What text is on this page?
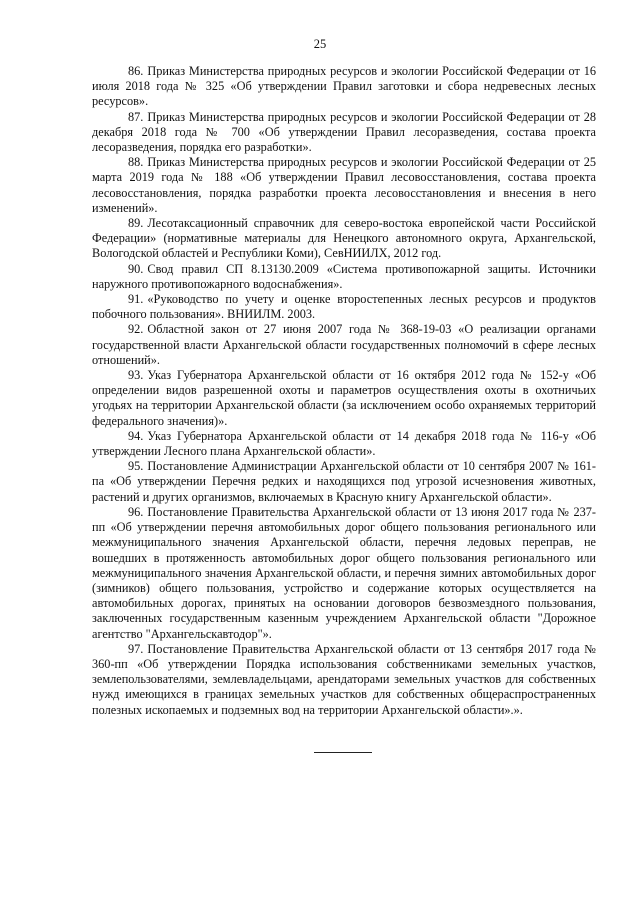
25

86. Приказ Министерства природных ресурсов и экологии Российской Федерации от 16 июля 2018 года № 325 «Об утверждении Правил заготовки и сбора недревесных лесных ресурсов».

87. Приказ Министерства природных ресурсов и экологии Российской Федерации от 28 декабря 2018 года № 700 «Об утверждении Правил лесоразведения, состава проекта лесоразведения, порядка его разработки».

88. Приказ Министерства природных ресурсов и экологии Российской Федерации от 25 марта 2019 года № 188 «Об утверждении Правил лесовосстановления, состава проекта лесовосстановления, порядка разработки проекта лесовосстановления и внесения в него изменений».

89. Лесотаксационный справочник для северо-востока европейской части Российской Федерации» (нормативные материалы для Ненецкого автономного округа, Архангельской, Вологодской областей и Республики Коми), СевНИИЛХ, 2012 год.

90. Свод правил СП 8.13130.2009 «Системa противопожарной защиты. Источники наружного противопожарного водоснабжения».

91. «Руководство по учету и оценке второстепенных лесных ресурсов и продуктов побочного пользования». ВНИИЛМ. 2003.

92. Областной закон от 27 июня 2007 года № 368-19-03 «О реализации органами государственной власти Архангельской области государственных полномочий в сфере лесных отношений».

93. Указ Губернатора Архангельской области от 16 октября 2012 года № 152-у «Об определении видов разрешенной охоты и параметров осуществления охоты в охотничьих угодьях на территории Архангельской области (за исключением особо охраняемых территорий федерального значения)».

94. Указ Губернатора Архангельской области от 14 декабря 2018 года № 116-у «Об утверждении Лесного плана Архангельской области».

95. Постановление Администрации Архангельской области от 10 сентября 2007 № 161-па «Об утверждении Перечня редких и находящихся под угрозой исчезновения животных, растений и других организмов, включаемых в Красную книгу Архангельской области».

96. Постановление Правительства Архангельской области от 13 июня 2017 года № 237-пп «Об утверждении перечня автомобильных дорог общего пользования регионального или межмуниципального значения Архангельской области, перечня ледовых переправ, не вошедших в протяженность автомобильных дорог общего пользования регионального или межмуниципального значения Архангельской области, и перечня зимних автомобильных дорог (зимников) общего пользования, устройство и содержание которых осуществляется на автомобильных дорогах, принятых на основании договоров безвозмездного пользования, заключенных государственным казенным учреждением Архангельской области "Дорожное агентство "Архангельскавтодор"».

97. Постановление Правительства Архангельской области от 13 сентября 2017 года № 360-пп «Об утверждении Порядка использования собственниками земельных участков, землепользователями, землевладельцами, арендаторами земельных участков для собственных нужд имеющихся в границах земельных участков для собственных общераспространенных полезных ископаемых и подземных вод на территории Архангельской области».».
